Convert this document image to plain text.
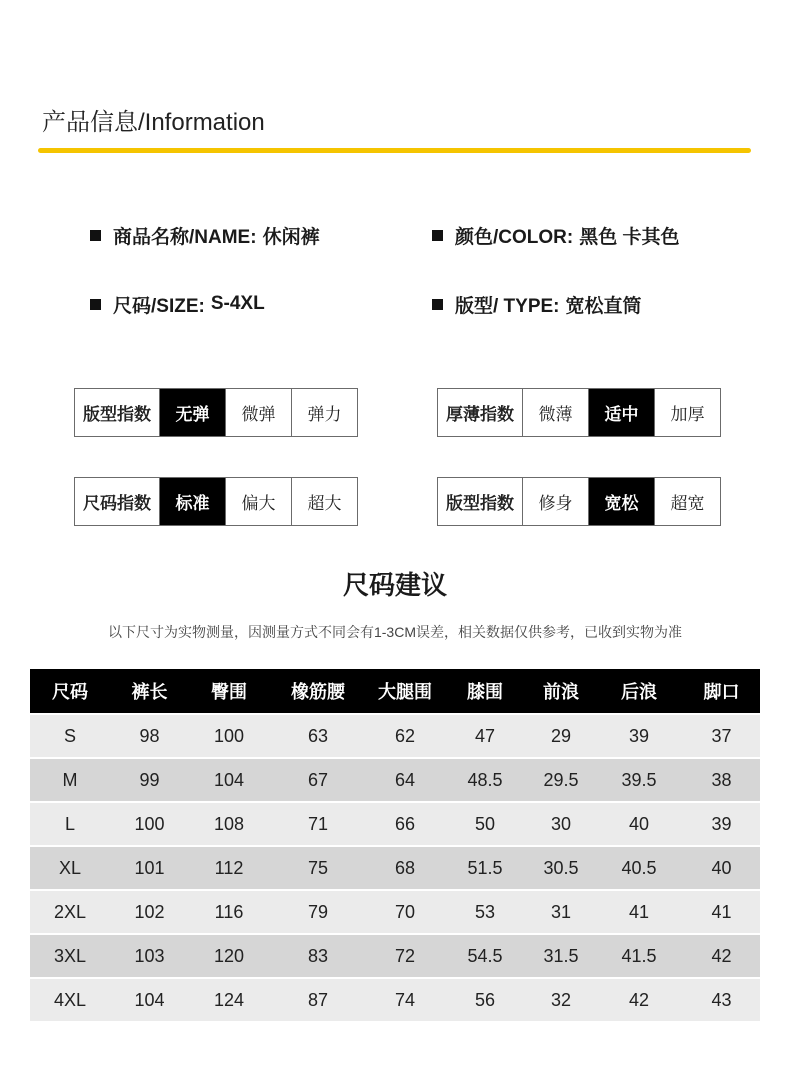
产品信息/Information
商品名称/NAME: 休闲裤	颜色/COLOR: 黑色 卡其色
尺码/SIZE: S-4XL	版型/ TYPE: 宽松直筒
版型指数	无弹	微弹	弹力	厚薄指数	微薄	适中	加厚
尺码指数	标准	偏大	超大	版型指数	修身	宽松	超宽
尺码建议
以下尺寸为实物测量，因测量方式不同会有1-3CM误差，相关数据仅供参考，已收到实物为准
尺码	裤长	臀围	橡筋腰	大腿围	膝围	前浪	后浪	脚口
S	98	100	63	62	47	29	39	37
M	99	104	67	64	48.5	29.5	39.5	38
L	100	108	71	66	50	30	40	39
XL	101	112	75	68	51.5	30.5	40.5	40
2XL	102	116	79	70	53	31	41	41
3XL	103	120	83	72	54.5	31.5	41.5	42
4XL	104	124	87	74	56	32	42	43
